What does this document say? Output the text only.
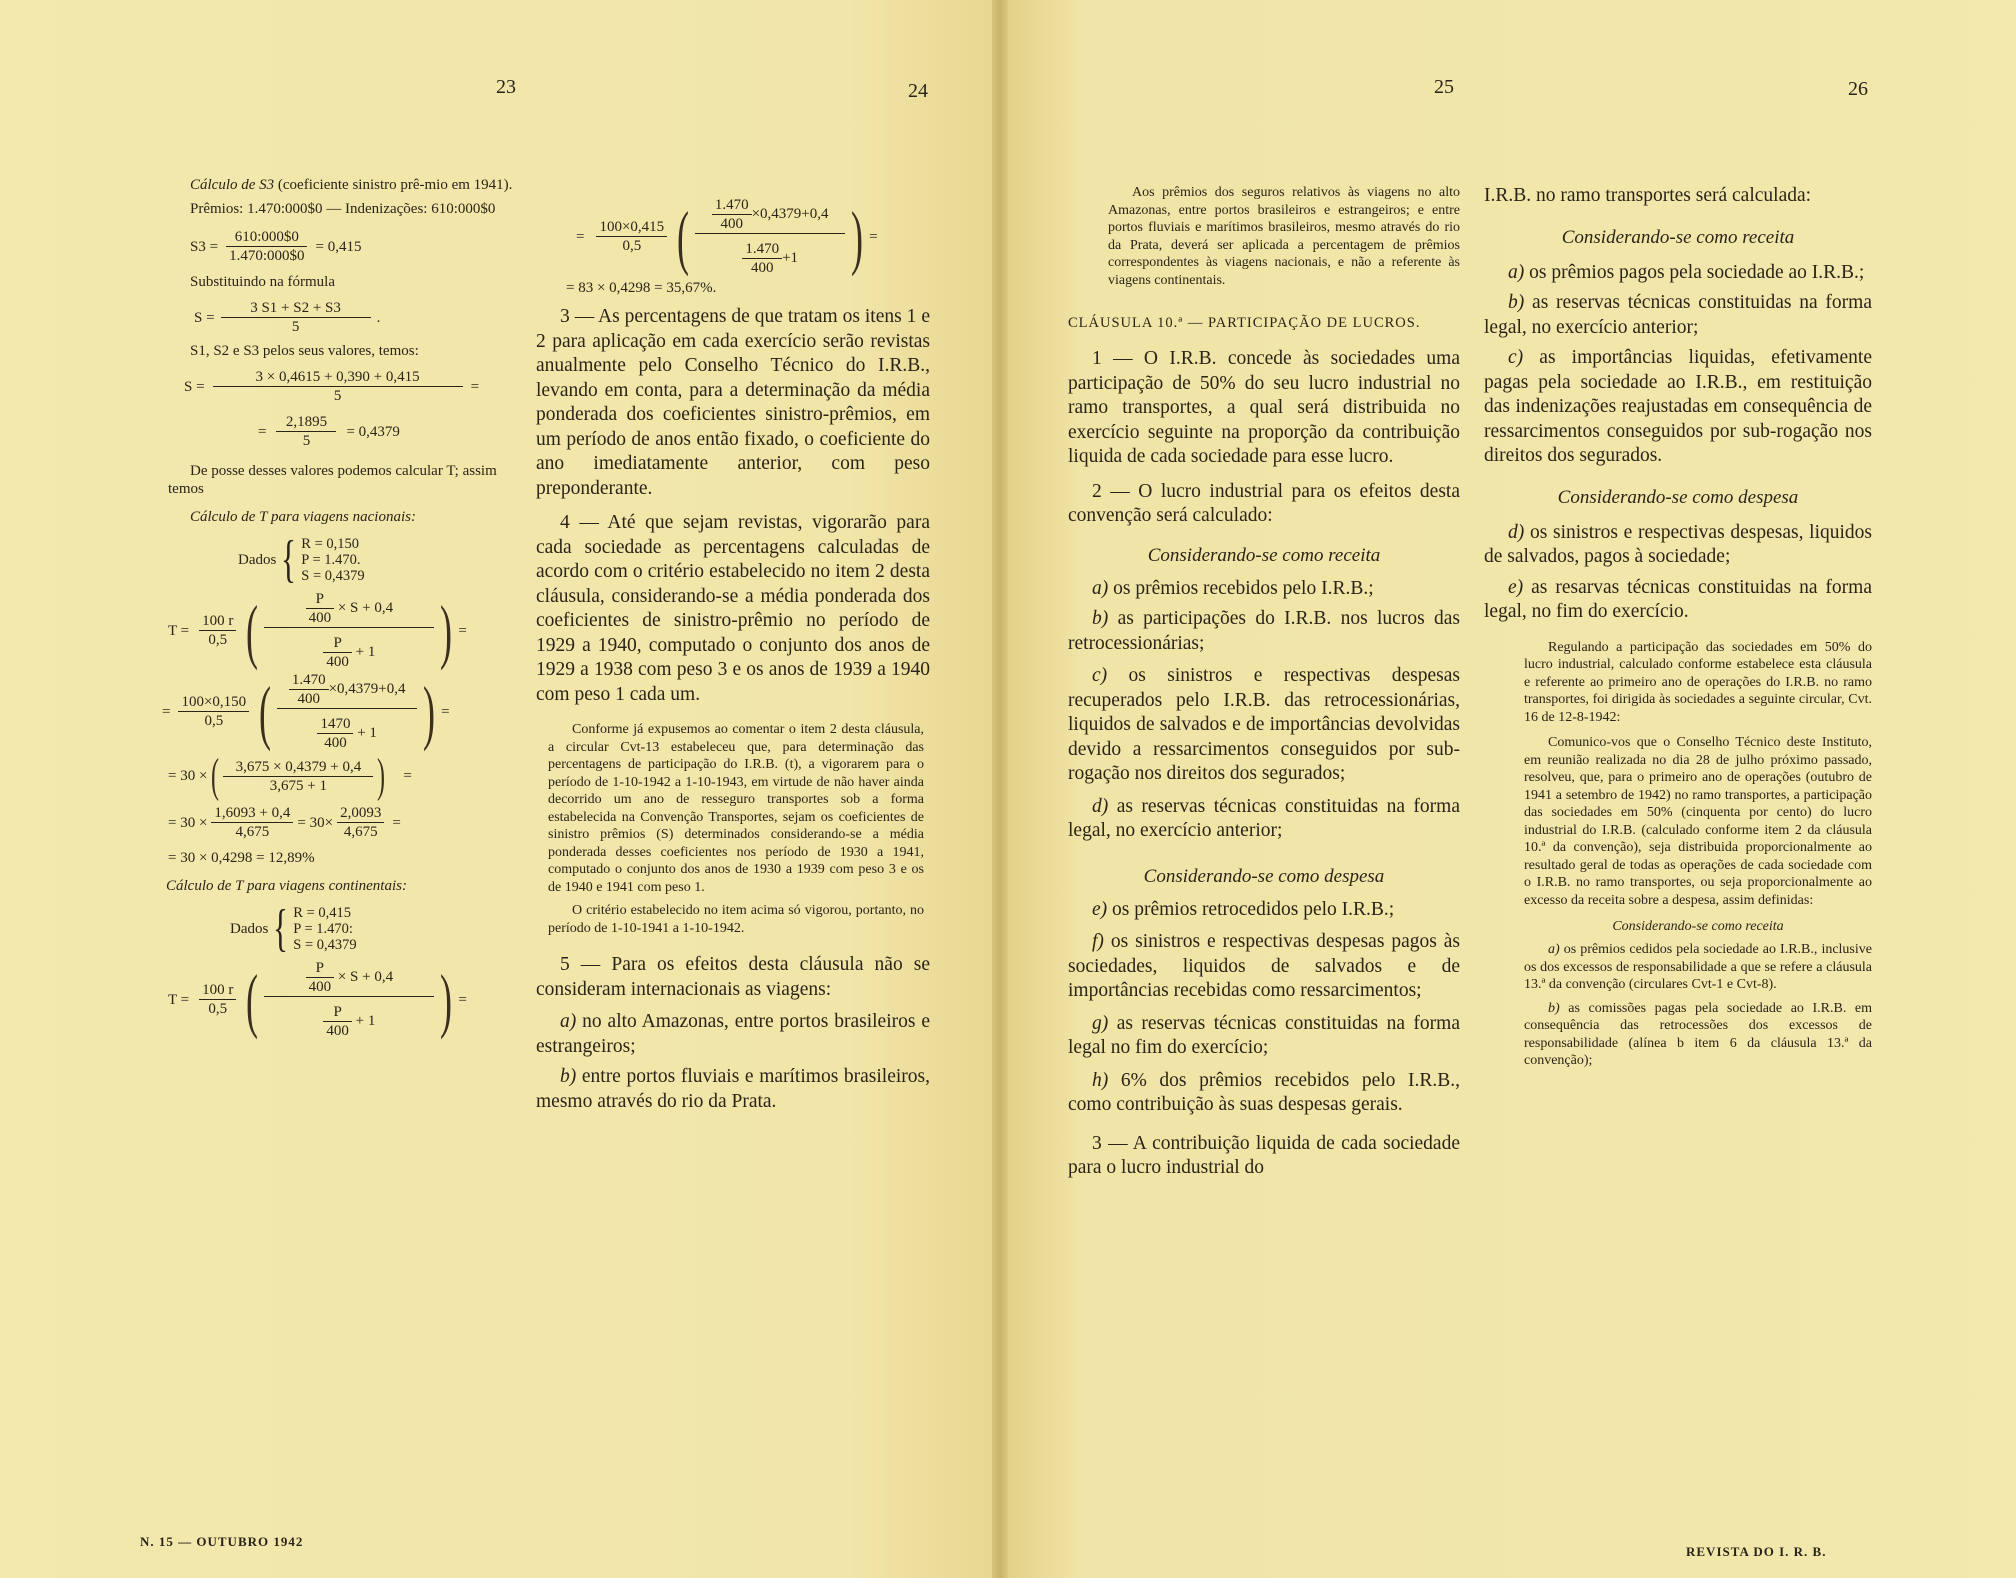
23	24	25	26

Cálculo de S3 (coeficiente sinistro prê-mio em 1941).

Prêmios: 1.470:000$0 — Indenizações: 610:000$0

$S3 = \frac{610:000\$0}{1.470:000\$0} = 0,415$

Substituindo na fórmula

$S = \frac{3 S1 + S2 + S3}{5}$ .

S1, S2 e S3 pelos seus valores, temos:

$S = \frac{3 \times 0,4615 + 0,390 + 0,415}{5}$ =
= $\frac{2,1895}{5} = 0,4379$

De posse desses valores podemos calcular T; assim temos

Cálculo de T para viagens nacionais:

Dados { R = 0,150
P = 1.470.
S = 0,4379
$T = \frac{100 r}{0,5}$ ( $\frac{\frac{P}{400} \times S + 0,4}{\frac{P}{400} + 1}$ ) =
= $\frac{100\times 0,150}{0,5}$ ( $\frac{\frac{1.470}{400} \times 0,4379+0,4}{\frac{1470}{400} + 1}$ ) =
= 30 × ( $\frac{3,675 \times 0,4379 + 0,4}{3,675 + 1}$ ) =
= $30 \times \frac{1,6093 + 0,4}{4,675} = 30\times \frac{2,0093}{4,675}$ =

= 30 × 0,4298 = 12,89%

Cálculo de T para viagens continentais:

Dados { R = 0,415
P = 1.470:
S = 0,4379
$T = \frac{100 r}{0,5}$ ( $\frac{\frac{P}{400} \times S + 0,4}{\frac{P}{400} + 1}$ ) =
= $\frac{100\times 0,415}{0,5}$ ( $\frac{\frac{1.470}{400} \times 0,4379+0,4}{\frac{1.470}{400} +1}$ ) =

= 83 × 0,4298 = 35,67%.

3 — As percentagens de que tratam os itens 1 e 2 para aplicação em cada exercício serão revistas anualmente pelo Conselho Técnico do I.R.B., levando em conta, para a determinação da média ponderada dos coeficientes sinistro-prêmios, em um período de anos então fixado, o coeficiente do ano imediatamente anterior, com peso preponderante.

4 — Até que sejam revistas, vigorarão para cada sociedade as percentagens calculadas de acordo com o critério estabelecido no item 2 desta cláusula, considerando-se a média ponderada dos coeficientes de sinistro-prêmio no período de 1929 a 1940, computado o conjunto dos anos de 1929 a 1938 com peso 3 e os anos de 1939 a 1940 com peso 1 cada um.

Conforme já expusemos ao comentar o item 2 desta cláusula, a circular Cvt-13 estabeleceu que, para determinação das percentagens de participação do I.R.B. (t), a vigorarem para o período de 1-10-1942 a 1-10-1943, em virtude de não haver ainda decorrido um ano de resseguro transportes sob a forma estabelecida na Convenção Transportes, sejam os coeficientes de sinistro prêmios (S) determinados considerando-se a média ponderada desses coeficientes nos período de 1930 a 1941, computado o conjunto dos anos de 1930 a 1939 com peso 3 e os de 1940 e 1941 com peso 1.

O critério estabelecido no item acima só vigorou, portanto, no período de 1-10-1941 a 1-10-1942.

5 — Para os efeitos desta cláusula não se consideram internacionais as viagens:

a) no alto Amazonas, entre portos brasileiros e estrangeiros;

b) entre portos fluviais e marítimos brasileiros, mesmo através do rio da Prata.

Aos prêmios dos seguros relativos às viagens no alto Amazonas, entre portos brasileiros e estrangeiros; e entre portos fluviais e marítimos brasileiros, mesmo através do rio da Prata, deverá ser aplicada a percentagem de prêmios correspondentes às viagens nacionais, e não a referente às viagens continentais.

CLÁUSULA 10.ª — PARTICIPAÇÃO DE LUCROS.

1 — O I.R.B. concede às sociedades uma participação de 50% do seu lucro industrial no ramo transportes, a qual será distribuida no exercício seguinte na proporção da contribuição liquida de cada sociedade para esse lucro.

2 — O lucro industrial para os efeitos desta convenção será calculado:

Considerando-se como receita

a) os prêmios recebidos pelo I.R.B.;

b) as participações do I.R.B. nos lucros das retrocessionárias;

c) os sinistros e respectivas despesas recuperados pelo I.R.B. das retrocessionárias, liquidos de salvados e de importâncias devolvidas devido a ressarcimentos conseguidos por sub-rogação nos direitos dos segurados;

d) as reservas técnicas constituidas na forma legal, no exercício anterior;

Considerando-se como despesa

e) os prêmios retrocedidos pelo I.R.B.;

f) os sinistros e respectivas despesas pagos às sociedades, liquidos de salvados e de importâncias recebidas como ressarcimentos;

g) as reservas técnicas constituidas na forma legal no fim do exercício;

h) 6% dos prêmios recebidos pelo I.R.B., como contribuição às suas despesas gerais.

3 — A contribuição liquida de cada sociedade para o lucro industrial do

I.R.B. no ramo transportes será calculada:

Considerando-se como receita

a) os prêmios pagos pela sociedade ao I.R.B.;

b) as reservas técnicas constituidas na forma legal, no exercício anterior;

c) as importâncias liquidas, efetivamente pagas pela sociedade ao I.R.B., em restituição das indenizações reajustadas em consequência de ressarcimentos conseguidos por sub-rogação nos direitos dos segurados.

Considerando-se como despesa

d) os sinistros e respectivas despesas, liquidos de salvados, pagos à sociedade;

e) as resarvas técnicas constituidas na forma legal, no fim do exercício.

Regulando a participação das sociedades em 50% do lucro industrial, calculado conforme estabelece esta cláusula e referente ao primeiro ano de operações do I.R.B. no ramo transportes, foi dirigida às sociedades a seguinte circular, Cvt. 16 de 12-8-1942:

Comunico-vos que o Conselho Técnico deste Instituto, em reunião realizada no dia 28 de julho próximo passado, resolveu, que, para o primeiro ano de operações (outubro de 1941 a setembro de 1942) no ramo transportes, a participação das sociedades em 50% (cinquenta por cento) do lucro industrial do I.R.B. (calculado conforme item 2 da cláusula 10.ª da convenção), seja distribuida proporcionalmente ao resultado geral de todas as operações de cada sociedade com o I.R.B. no ramo transportes, ou seja proporcionalmente ao excesso da receita sobre a despesa, assim definidas:

Considerando-se como receita

a) os prêmios cedidos pela sociedade ao I.R.B., inclusive os dos excessos de responsabilidade a que se refere a cláusula 13.ª da convenção (circulares Cvt-1 e Cvt-8).

b) as comissões pagas pela sociedade ao I.R.B. em consequência das retrocessões dos excessos de responsabilidade (alínea b item 6 da cláusula 13.ª da convenção);

N. 15 — OUTUBRO 1942
REVISTA DO I. R. B.
